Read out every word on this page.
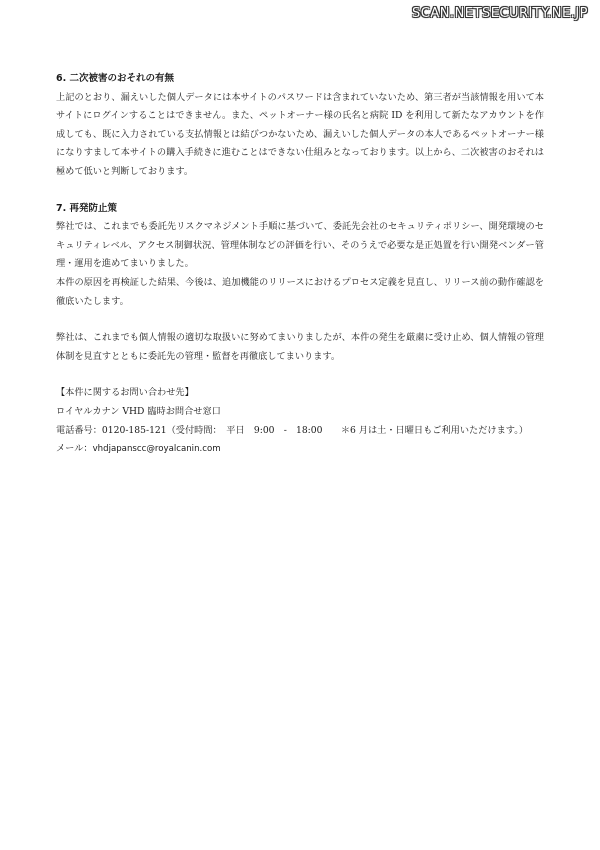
SCAN.NETSECURITY.NE.JP

6. 二次被害のおそれの有無

上記のとおり、漏えいした個人データには本サイトのパスワードは含まれていないため、第三者が当該情報を用いて本サイトにログインすることはできません。また、ペットオーナー様の氏名と病院 ID を利用して新たなアカウントを作成しても、既に入力されている支払情報とは結びつかないため、漏えいした個人データの本人であるペットオーナー様になりすまして本サイトの購入手続きに進むことはできない仕組みとなっております。以上から、二次被害のおそれは極めて低いと判断しております。

7. 再発防止策

弊社では、これまでも委託先リスクマネジメント手順に基づいて、委託先会社のセキュリティポリシー、開発環境のセキュリティレベル、アクセス制御状況、管理体制などの評価を行い、そのうえで必要な是正処置を行い開発ベンダー管理・運用を進めてまいりました。

本件の原因を再検証した結果、今後は、追加機能のリリースにおけるプロセス定義を見直し、リリース前の動作確認を徹底いたします。

弊社は、これまでも個人情報の適切な取扱いに努めてまいりましたが、本件の発生を厳粛に受け止め、個人情報の管理体制を見直すとともに委託先の管理・監督を再徹底してまいります。

【本件に関するお問い合わせ先】

ロイヤルカナン VHD 臨時お問合せ窓口

電話番号：0120-185-121（受付時間：　平日　9:00　-　18:00　　＊6 月は土・日曜日もご利用いただけます。）

メール：vhdjapanscc@royalcanin.com
